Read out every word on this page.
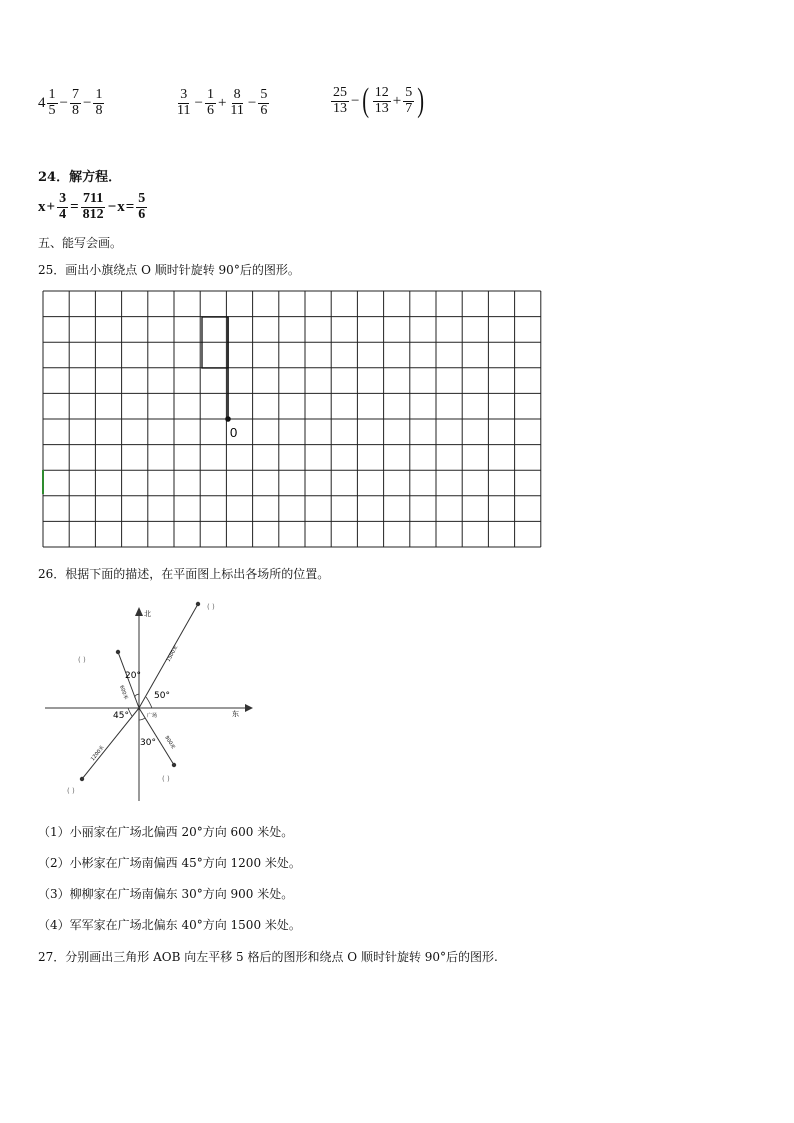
$4 \frac{1}{5} - \frac{7}{8} - \frac{1}{8}$	$\frac{3}{11} - \frac{1}{6} + \frac{8}{11} - \frac{5}{6}$	$\frac{25}{13}$ − ( $\frac{12}{13} + \frac{5}{7}$ )
24．解方程．
$x + \frac{3}{4} = \frac{711}{812} - x = \frac{5}{6}$
五、能写会画。
25．画出小旗绕点 O 顺时针旋转 90°后的图形。
0
26．根据下面的描述，在平面图上标出各场所的位置。
北
东
20°
50°
45°
30°
广场
600米
1500米
1200米
900米
( )
( )
( )
( )
（1）小丽家在广场北偏西 20°方向 600 米处。
（2）小彬家在广场南偏西 45°方向 1200 米处。
（3）柳柳家在广场南偏东 30°方向 900 米处。
（4）军军家在广场北偏东 40°方向 1500 米处。
27．分别画出三角形 AOB 向左平移 5 格后的图形和绕点 O 顺时针旋转 90°后的图形.
